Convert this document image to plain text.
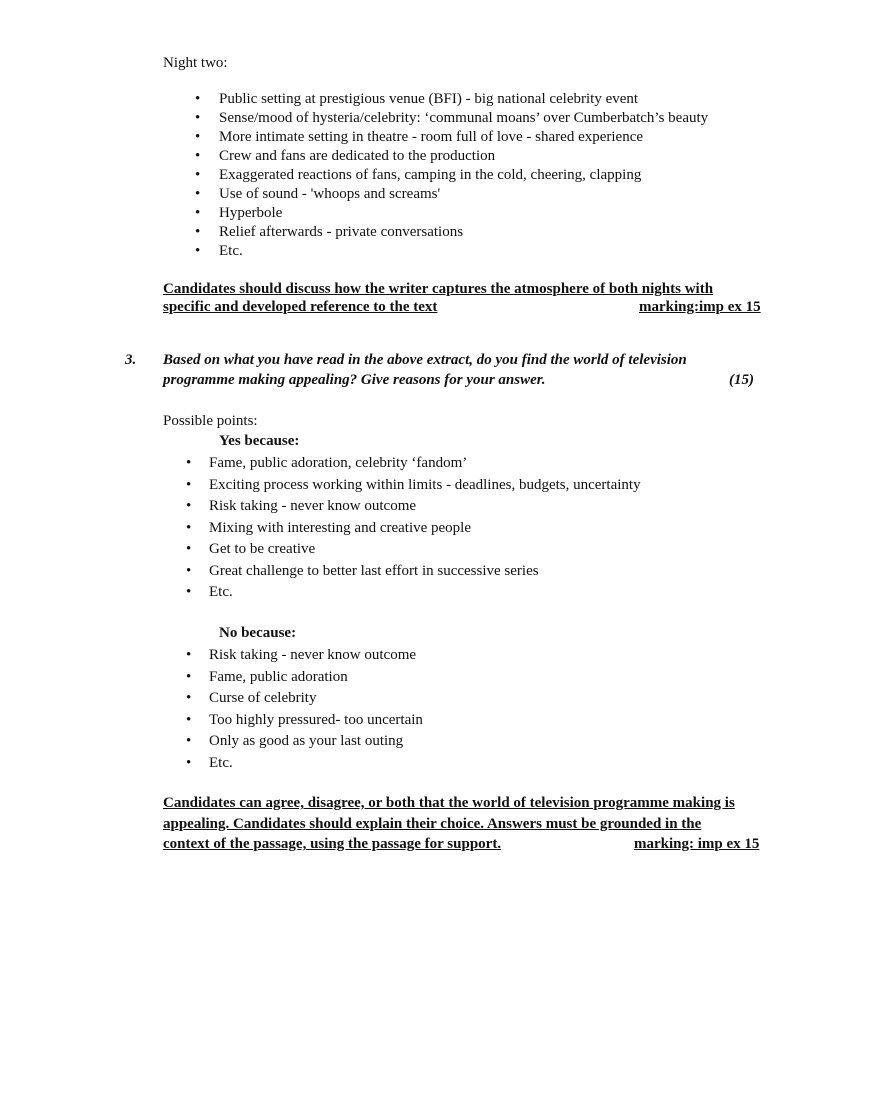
Night two:
• Public setting at prestigious venue (BFI) - big national celebrity event
• Sense/mood of hysteria/celebrity: ‘communal moans’ over Cumberbatch’s beauty
• More intimate setting in theatre - room full of love - shared experience
• Crew and fans are dedicated to the production
• Exaggerated reactions of fans, camping in the cold, cheering, clapping
• Use of sound - 'whoops and screams'
• Hyperbole
• Relief afterwards - private conversations
• Etc.
Candidates should discuss how the writer captures the atmosphere of both nights with
specific and developed reference to the text	marking:imp ex 15
3. Based on what you have read in the above extract, do you find the world of television
programme making appealing? Give reasons for your answer.	(15)
Possible points:
Yes because:
• Fame, public adoration, celebrity ‘fandom’
• Exciting process working within limits - deadlines, budgets, uncertainty
• Risk taking - never know outcome
• Mixing with interesting and creative people
• Get to be creative
• Great challenge to better last effort in successive series
• Etc.
No because:
• Risk taking - never know outcome
• Fame, public adoration
• Curse of celebrity
• Too highly pressured- too uncertain
• Only as good as your last outing
• Etc.
Candidates can agree, disagree, or both that the world of television programme making is
appealing. Candidates should explain their choice. Answers must be grounded in the
context of the passage, using the passage for support.	marking: imp ex 15
